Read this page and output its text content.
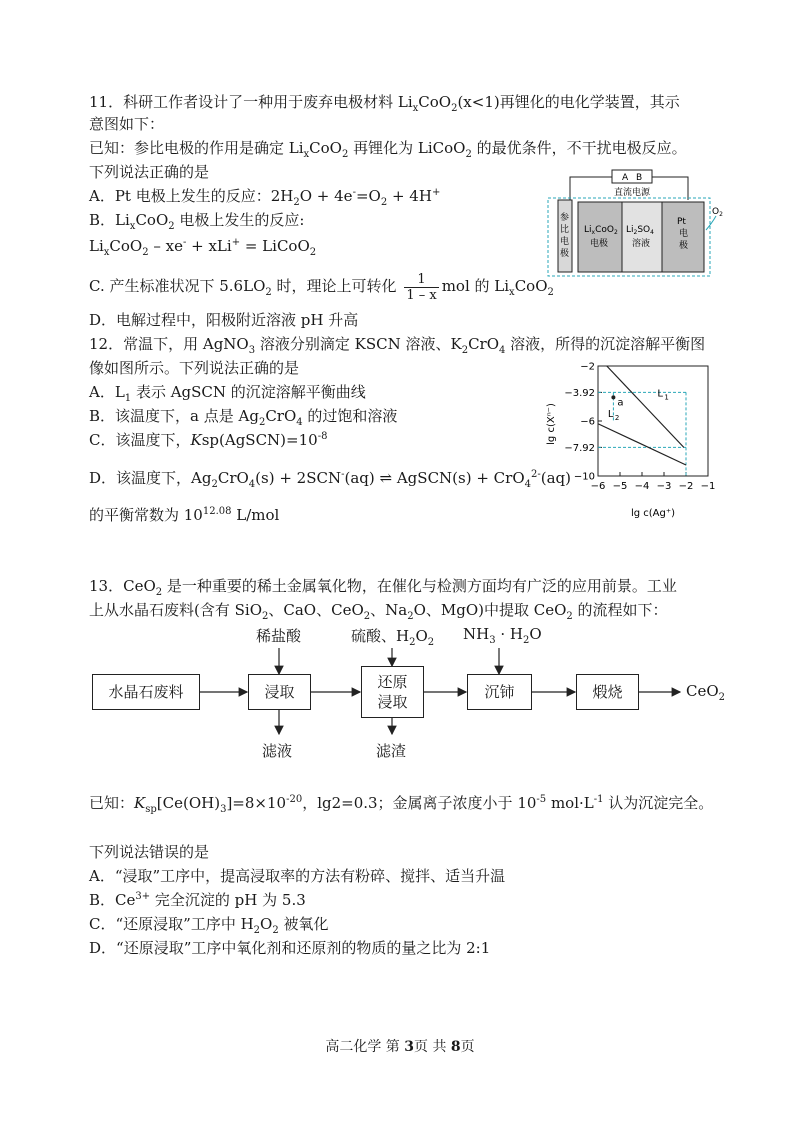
11．科研工作者设计了一种用于废弃电极材料 $Li_xCoO_2(x<1)$再锂化的电化学装置，其示
意图如下：
已知：参比电极的作用是确定 $Li_xCoO_2$ 再锂化为 LiCoO$_2$ 的最优条件，不干扰电极反应。
下列说法正确的是
A．Pt 电极上发生的反应：$2H_2O + 4e^-=O_2 + 4H^+$
B．$Li_xCoO_2$ 电极上发生的反应:
$Li_xCoO_2 - xe^- + xLi^+$ = LiCoO$_2$
C. 产生标准状况下 $5.6LO_2$ 时，理论上可转化 $\frac{1}{1 - x}$ mol 的 $Li_xCoO_2$
D．电解过程中，阳极附近溶液 pH 升高
A B
直流电源
参
比
电
极
$Li_xCoO_2$
电极
$Li_2SO_4$
溶液
Pt
电
极
$O_2$
12．常温下，用 AgNO$_3$ 溶液分别滴定 KSCN 溶液、$K_2CrO_4$ 溶液，所得的沉淀溶解平衡图
像如图所示。下列说法正确的是
A．$L_1$ 表示 AgSCN 的沉淀溶解平衡曲线
B．该温度下，a 点是 $Ag_2CrO_4$ 的过饱和溶液
C．该温度下，$Ksp(AgSCN)=10^{-8}$
D．该温度下，$Ag_2CrO_4(s) + 2SCN^-(aq)$ ⇌ AgSCN(s) + CrO$_4^{2-}$(aq)
的平衡常数为 $10^{12.08}$ L/mol
−6 −5 −4 −3 −2 −1
−2
−3.92
−6
−7.92
−10
L 1
L 2
a
lg c(Xⁿ⁻)
lg c(Ag⁺)
13．CeO$_2$ 是一种重要的稀土金属氧化物，在催化与检测方面均有广泛的应用前景。工业
上从水晶石废料(含有 SiO$_2$、CaO、CeO$_2$、$Na_2O$、MgO)中提取 CeO$_2$ 的流程如下：
水晶石废料	浸取
还原
浸取
沉铈	煅烧	CeO$_2$
稀盐酸	硫酸、$H_2O_2$ $NH_3 \cdot H_2O$
滤液	滤渣
已知：$K_{sp}[Ce(OH)_3]=8\times 10^{-20}$，lg2=0.3；金属离子浓度小于 $10^{-5}$ $mol\cdot L^{-1}$ 认为沉淀完全。
下列说法错误的是
A．“浸取”工序中，提高浸取率的方法有粉碎、搅拌、适当升温
B．$Ce^{3+}$ 完全沉淀的 pH 为 5.3
C．“还原浸取”工序中 $H_2O_2$ 被氧化
D．“还原浸取”工序中氧化剂和还原剂的物质的量之比为 2:1
高二化学 第 3页 共 8页
